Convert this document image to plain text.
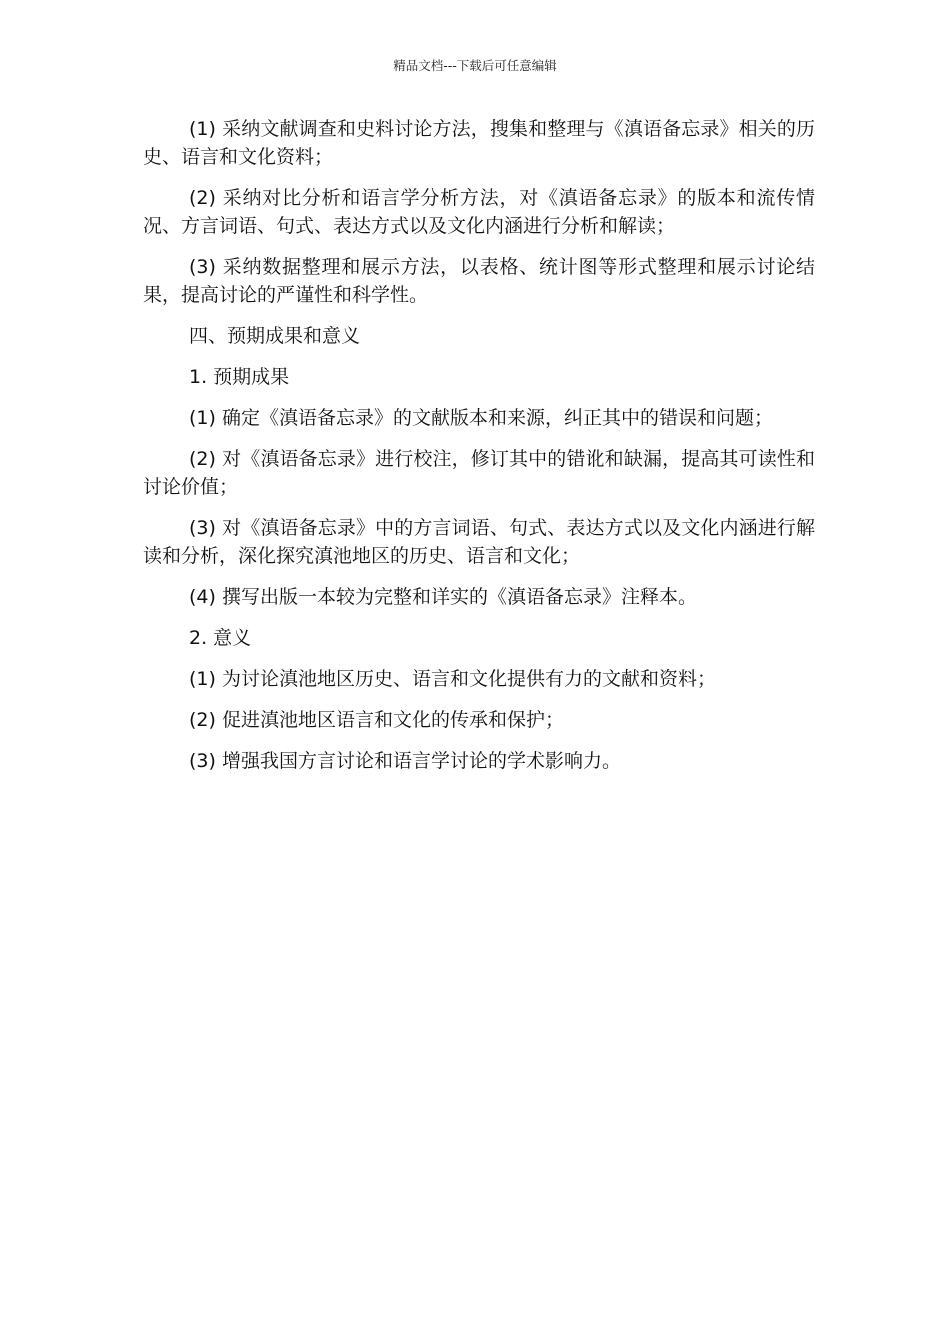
精品文档---下载后可任意编辑

(1) 采纳文献调查和史料讨论方法，搜集和整理与《滇语备忘录》相关的历史、语言和文化资料；

(2) 采纳对比分析和语言学分析方法，对《滇语备忘录》的版本和流传情况、方言词语、句式、表达方式以及文化内涵进行分析和解读；

(3) 采纳数据整理和展示方法，以表格、统计图等形式整理和展示讨论结果，提高讨论的严谨性和科学性。

四、预期成果和意义

1. 预期成果

(1) 确定《滇语备忘录》的文献版本和来源，纠正其中的错误和问题；

(2) 对《滇语备忘录》进行校注，修订其中的错讹和缺漏，提高其可读性和讨论价值；

(3) 对《滇语备忘录》中的方言词语、句式、表达方式以及文化内涵进行解读和分析，深化探究滇池地区的历史、语言和文化；

(4) 撰写出版一本较为完整和详实的《滇语备忘录》注释本。

2. 意义

(1) 为讨论滇池地区历史、语言和文化提供有力的文献和资料；

(2) 促进滇池地区语言和文化的传承和保护；

(3) 增强我国方言讨论和语言学讨论的学术影响力。
